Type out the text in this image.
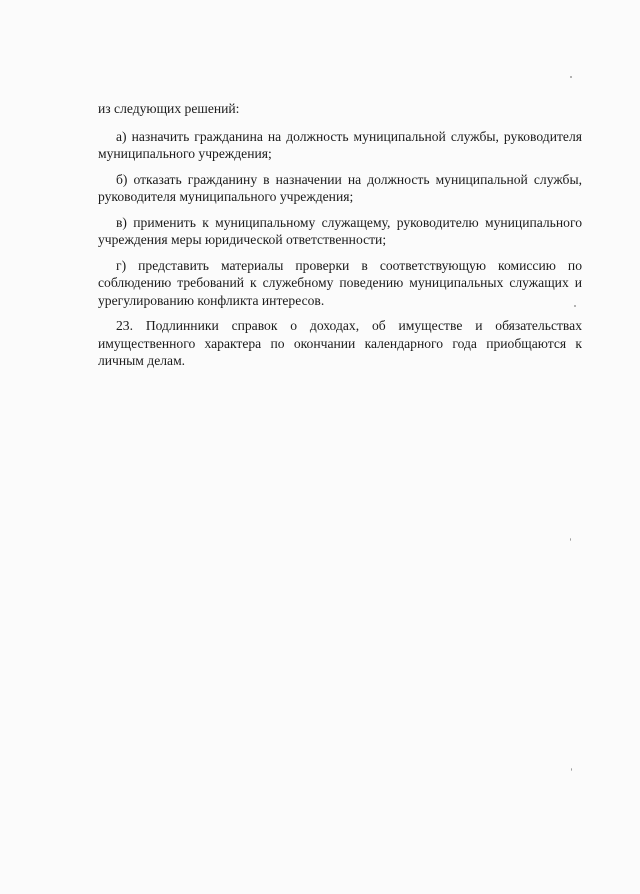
из следующих решений:

а) назначить гражданина на должность муниципальной службы, руководителя муниципального учреждения;

б) отказать гражданину в назначении на должность муниципальной службы, руководителя муниципального учреждения;

в) применить к муниципальному служащему, руководителю муниципального учреждения меры юридической ответственности;

г) представить материалы проверки в соответствующую комиссию по соблюдению требований к служебному поведению муниципальных служащих и урегулированию конфликта интересов.

23. Подлинники справок о доходах, об имуществе и обязательствах имущественного характера по окончании календарного года приобщаются к личным делам.
